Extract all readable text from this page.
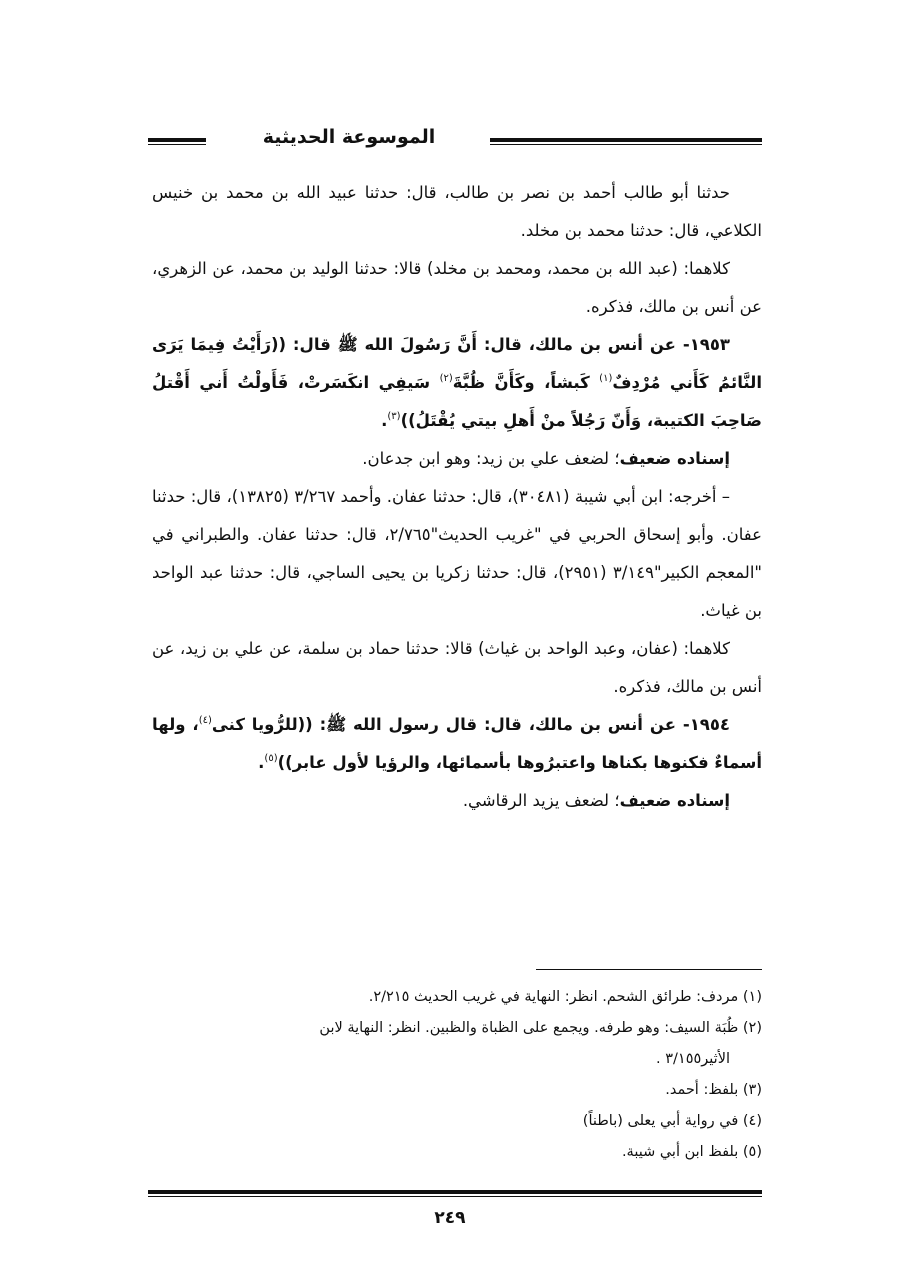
الموسوعة الحديثية

حدثنا أبو طالب أحمد بن نصر بن طالب، قال: حدثنا عبيد الله بن محمد بن خنيس الكلاعي، قال: حدثنا محمد بن مخلد.

كلاهما: (عبد الله بن محمد، ومحمد بن مخلد) قالا: حدثنا الوليد بن محمد، عن الزهري، عن أنس بن مالك، فذكره.

١٩٥٣- عن أنس بن مالك، قال: أَنَّ رَسُولَ الله ﷺ قال: ((رَأَيْتُ فِيمَا يَرَى النَّائمُ كَأَني مُرْدِفٌ$^{(١)}$ كَبشاً، وكَأَنَّ ظُبَّةَ$^{(٢)}$ سَيفِي انكَسَرتْ، فَأَولْتُ أَني أَقْتلُ صَاحِبَ الكتيبة، وَأَنّ رَجُلاً منْ أَهلِ بيتي يُقْتَلُ))$^{(٣)}$.

إسناده ضعيف؛ لضعف علي بن زيد: وهو ابن جدعان.

– أخرجه: ابن أبي شيبة (٣٠٤٨١)، قال: حدثنا عفان. وأحمد ٣/٢٦٧ (١٣٨٢٥)، قال: حدثنا عفان. وأبو إسحاق الحربي في "غريب الحديث"٢/٧٦٥، قال: حدثنا عفان. والطبراني في "المعجم الكبير"٣/١٤٩ (٢٩٥١)، قال: حدثنا زكريا بن يحيى الساجي، قال: حدثنا عبد الواحد بن غياث.

كلاهما: (عفان، وعبد الواحد بن غياث) قالا: حدثنا حماد بن سلمة، عن علي بن زيد، عن أنس بن مالك، فذكره.

١٩٥٤- عن أنس بن مالك، قال: قال رسول الله ﷺ: ((للرُّويا كنى$^{(٤)}$، ولها أسماءٌ فكنوها بكناها واعتبرُوها بأسمائها، والرؤيا لأول عابر))$^{(٥)}$.

إسناده ضعيف؛ لضعف يزيد الرقاشي.

(١) مردف: طرائق الشحم. انظر: النهاية في غريب الحديث ٢/٢١٥.

(٢) ظُبَة السيف: وهو طرفه. ويجمع على الظباة والظبين. انظر: النهاية لابن

الأثير٣/١٥٥ .

(٣) بلفظ: أحمد.

(٤) في رواية أبي يعلى (باطناً)

(٥) بلفظ ابن أبي شيبة.

٢٤٩
